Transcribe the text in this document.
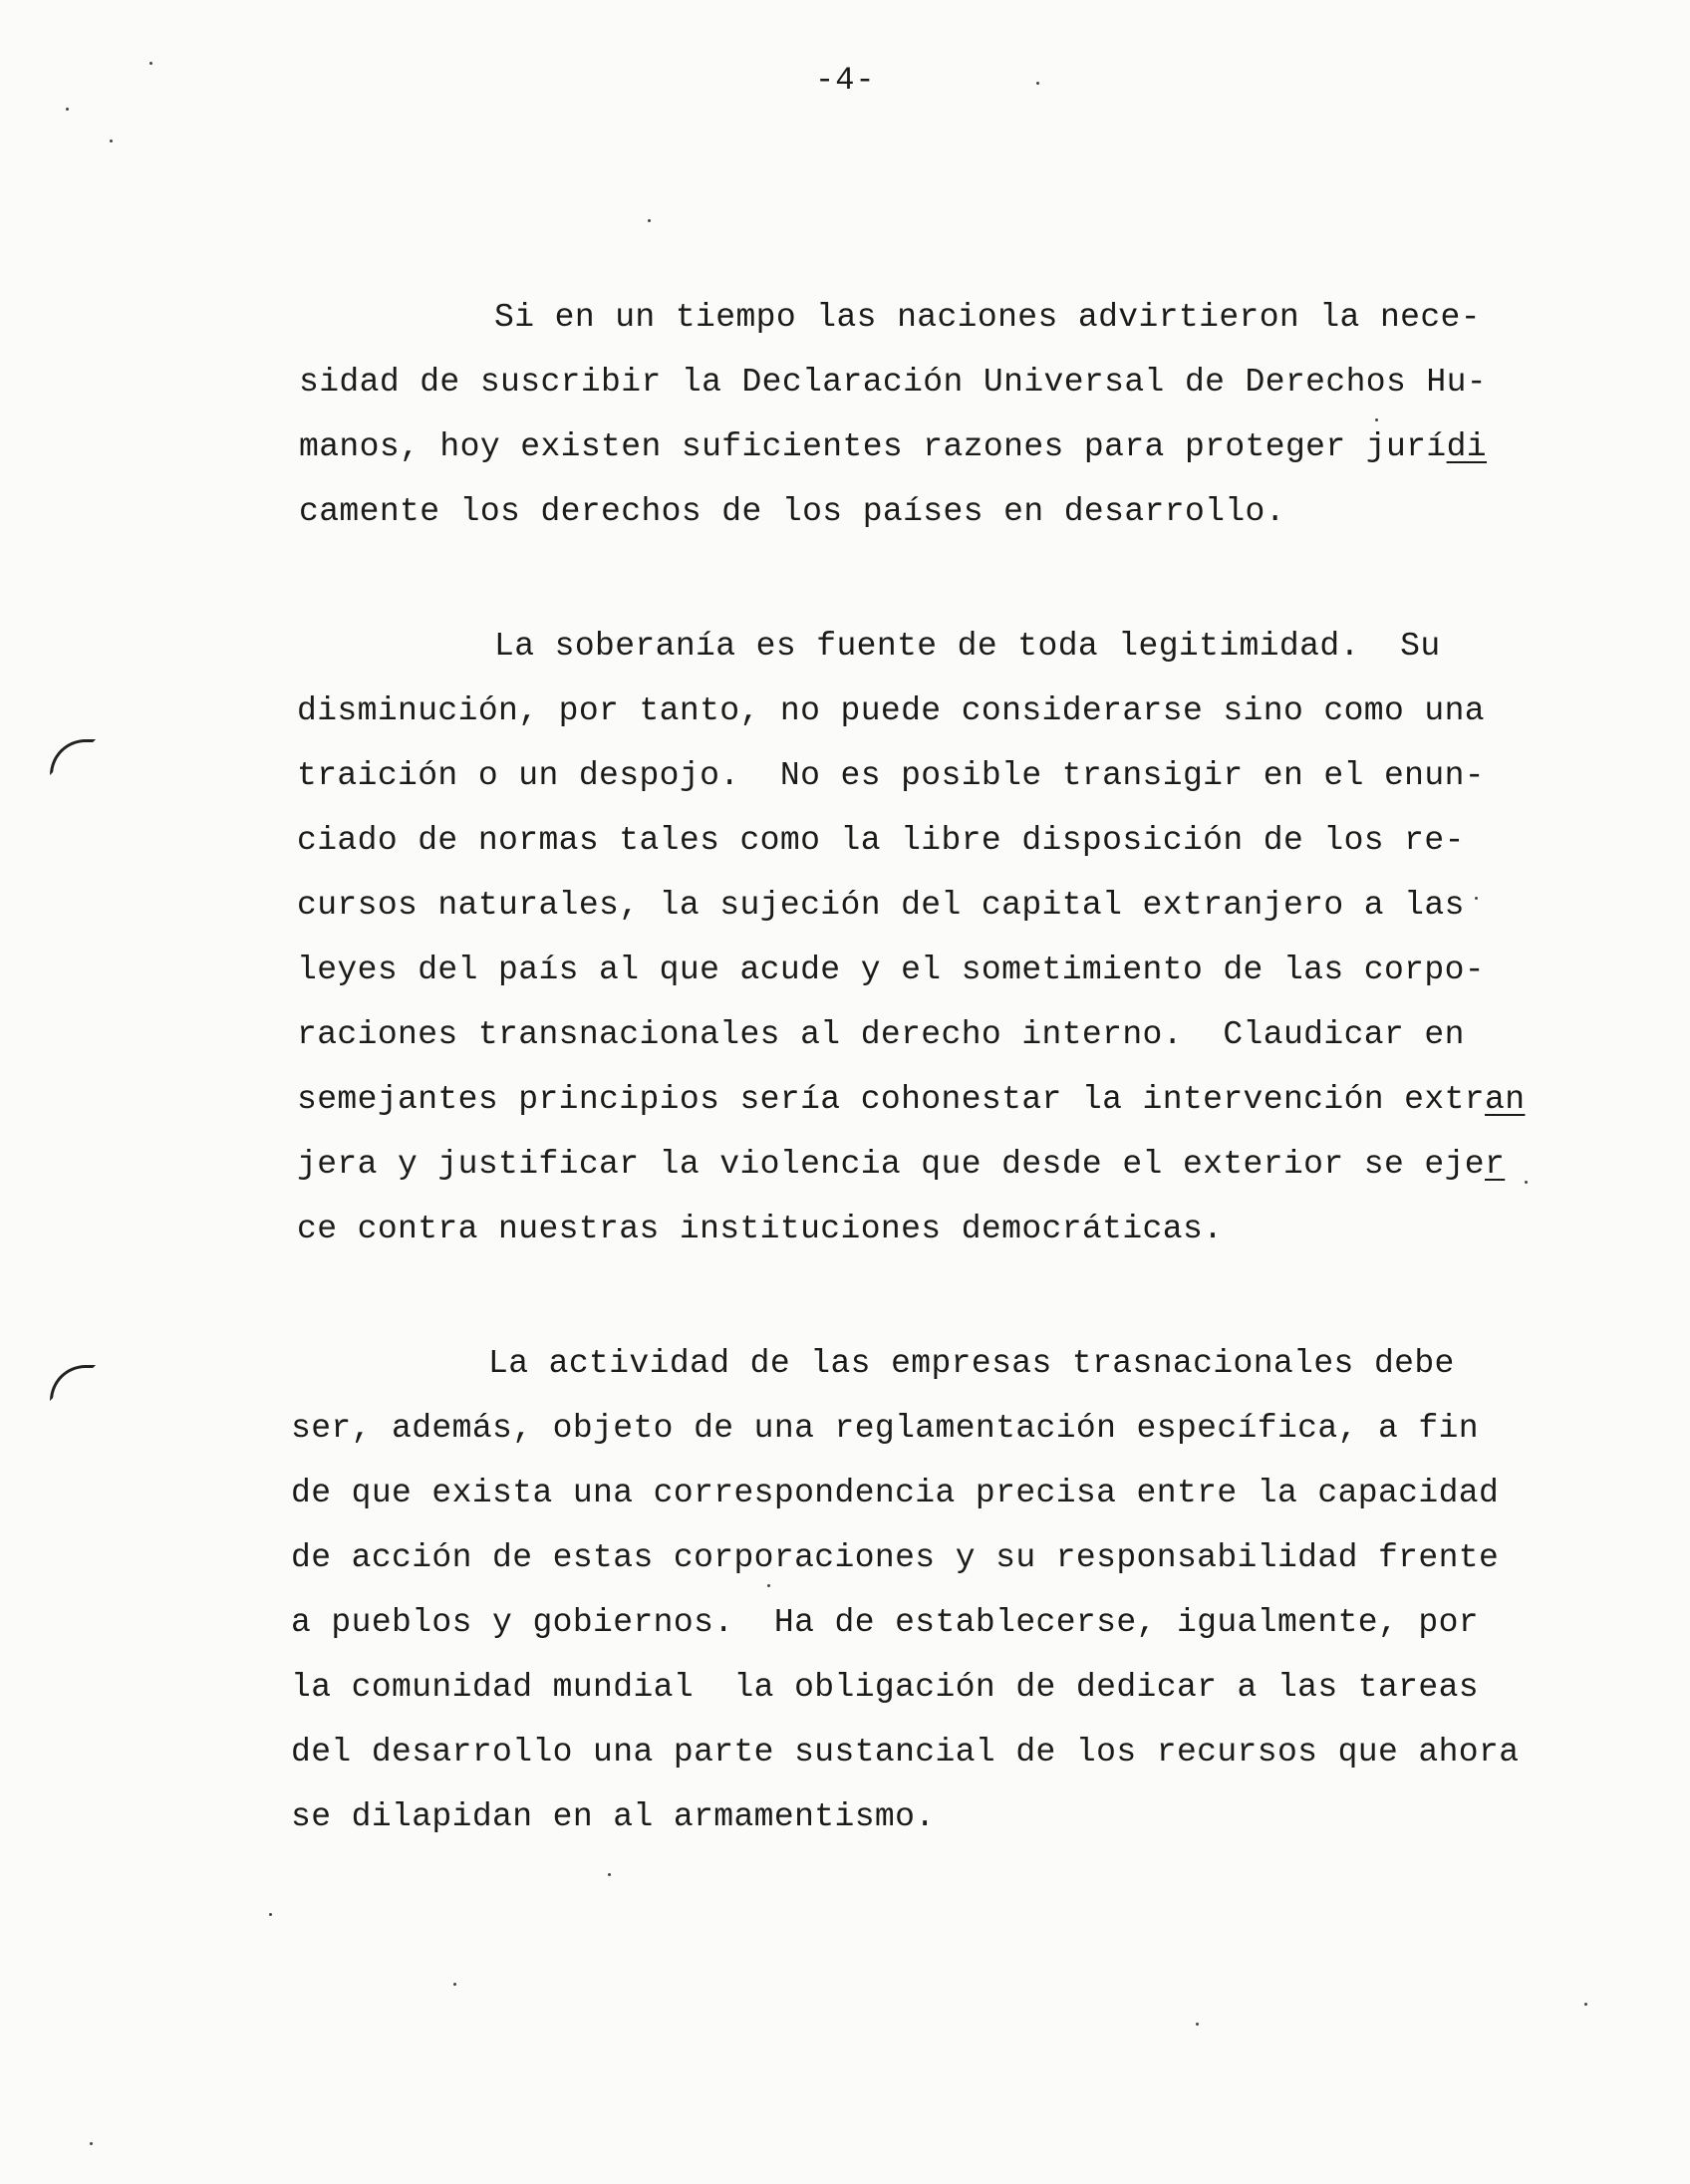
-4-
Si en un tiempo las naciones advirtieron la nece-
sidad de suscribir la Declaración Universal de Derechos Hu-
manos, hoy existen suficientes razones para proteger jurídi
camente los derechos de los países en desarrollo.
La soberanía es fuente de toda legitimidad.  Su
disminución, por tanto, no puede considerarse sino como una
traición o un despojo.  No es posible transigir en el enun-
ciado de normas tales como la libre disposición de los re-
cursos naturales, la sujeción del capital extranjero a las
leyes del país al que acude y el sometimiento de las corpo-
raciones transnacionales al derecho interno.  Claudicar en
semejantes principios sería cohonestar la intervención extran
jera y justificar la violencia que desde el exterior se ejer
ce contra nuestras instituciones democráticas.
La actividad de las empresas trasnacionales debe
ser, además, objeto de una reglamentación específica, a fin
de que exista una correspondencia precisa entre la capacidad
de acción de estas corporaciones y su responsabilidad frente
a pueblos y gobiernos.  Ha de establecerse, igualmente, por
la comunidad mundial  la obligación de dedicar a las tareas
del desarrollo una parte sustancial de los recursos que ahora
se dilapidan en al armamentismo.
